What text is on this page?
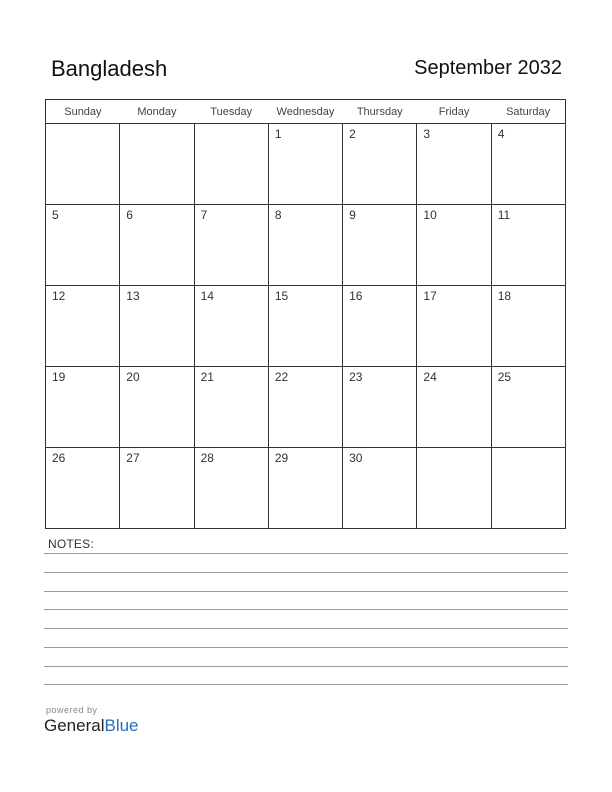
Bangladesh	September 2032
Sunday	Monday	Tuesday	Wednesday	Thursday	Friday	Saturday
			1	2	3	4
5	6	7	8	9	10	11
12	13	14	15	16	17	18
19	20	21	22	23	24	25
26	27	28	29	30		
NOTES:
powered by
GeneralBlue
